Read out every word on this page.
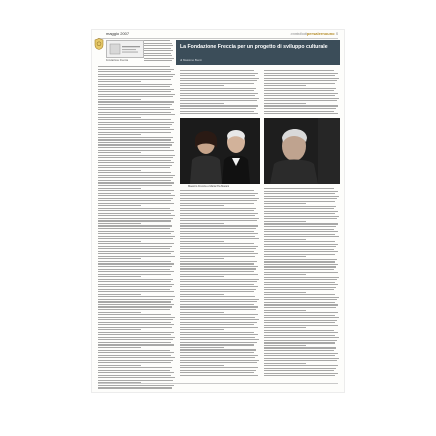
maggio 2007	contributipersalernouno 5
Fondazione Freccia
La Fondazione Freccia per un progetto di sviluppo culturale
di Massimo Bucci
Maestro Freccia e Maria Pia Marani
